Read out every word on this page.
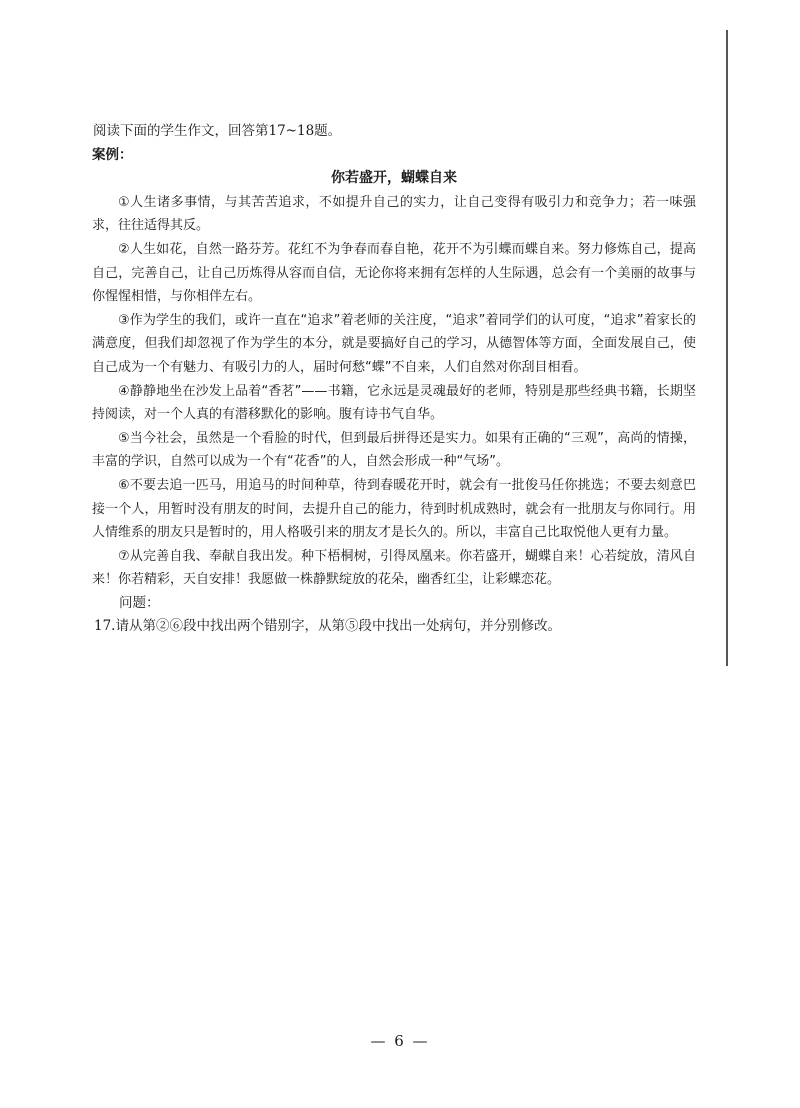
阅读下面的学生作文，回答第17~18题。

案例：

你若盛开，蝴蝶自来

①人生诸多事情，与其苦苦追求，不如提升自己的实力，让自己变得有吸引力和竞争力；若一味强求，往往适得其反。

②人生如花，自然一路芬芳。花红不为争春而春自艳，花开不为引蝶而蝶自来。努力修炼自己，提高自己，完善自己，让自己历炼得从容而自信，无论你将来拥有怎样的人生际遇，总会有一个美丽的故事与你惺惺相惜，与你相伴左右。

③作为学生的我们，或许一直在“追求”着老师的关注度，“追求”着同学们的认可度，“追求”着家长的满意度，但我们却忽视了作为学生的本分，就是要搞好自己的学习，从德智体等方面，全面发展自己，使自己成为一个有魅力、有吸引力的人，届时何愁“蝶”不自来，人们自然对你刮目相看。

④静静地坐在沙发上品着“香茗”——书籍，它永远是灵魂最好的老师，特别是那些经典书籍，长期坚持阅读，对一个人真的有潜移默化的影响。腹有诗书气自华。

⑤当今社会，虽然是一个看脸的时代，但到最后拼得还是实力。如果有正确的“三观”，高尚的情操，丰富的学识，自然可以成为一个有“花香”的人，自然会形成一种“气场”。

⑥不要去追一匹马，用追马的时间种草，待到春暖花开时，就会有一批俊马任你挑选；不要去刻意巴接一个人，用暂时没有朋友的时间，去提升自己的能力，待到时机成熟时，就会有一批朋友与你同行。用人情维系的朋友只是暂时的，用人格吸引来的朋友才是长久的。所以，丰富自己比取悦他人更有力量。

⑦从完善自我、奉献自我出发。种下梧桐树，引得凤凰来。你若盛开，蝴蝶自来！心若绽放，清风自来！你若精彩，天自安排！我愿做一株静默绽放的花朵，幽香红尘，让彩蝶恋花。

问题：

17.请从第②⑥段中找出两个错别字，从第⑤段中找出一处病句，并分别修改。

— 6 —
